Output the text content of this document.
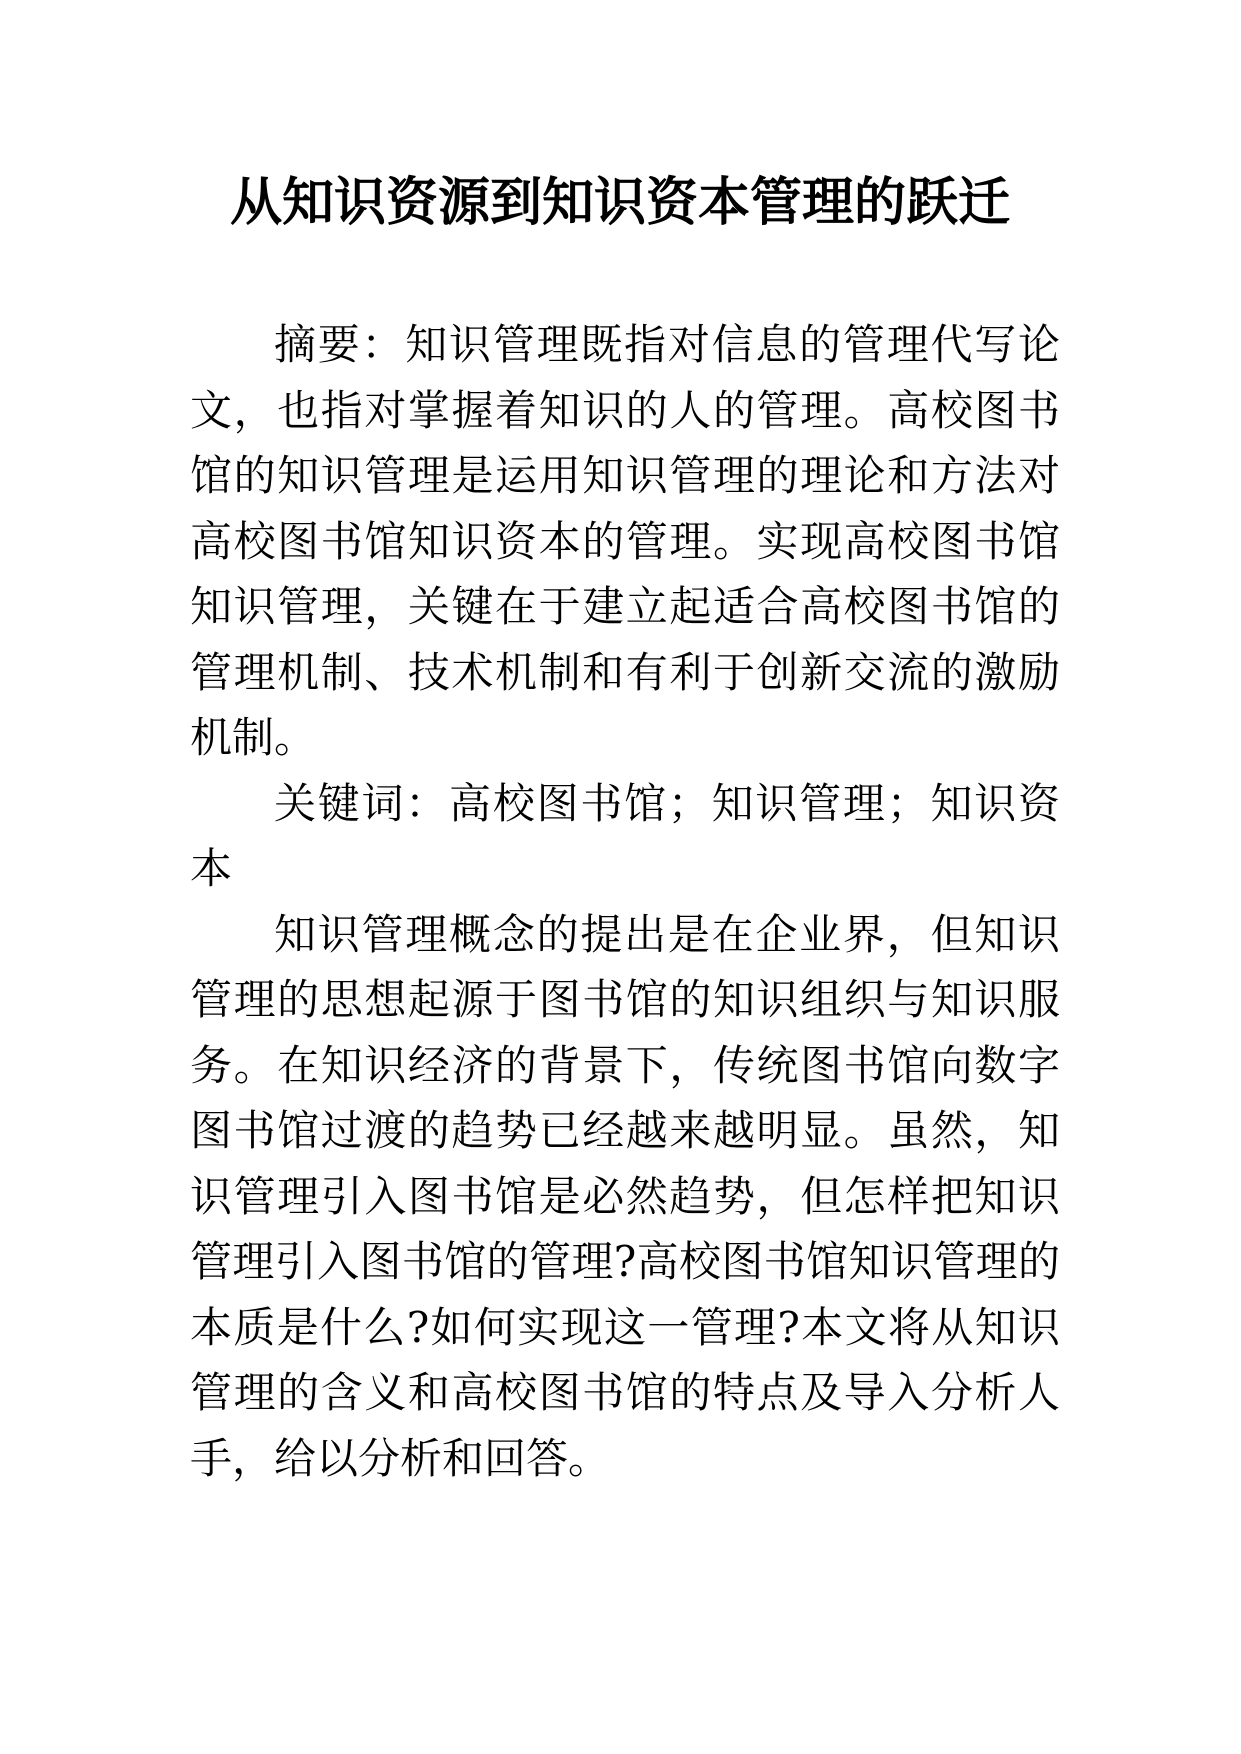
从知识资源到知识资本管理的跃迁

摘要：知识管理既指对信息的管理代写论文，也指对掌握着知识的人的管理。高校图书馆的知识管理是运用知识管理的理论和方法对高校图书馆知识资本的管理。实现高校图书馆知识管理，关键在于建立起适合高校图书馆的管理机制、技术机制和有利于创新交流的激励机制。

关键词：高校图书馆；知识管理；知识资本

知识管理概念的提出是在企业界，但知识管理的思想起源于图书馆的知识组织与知识服务。在知识经济的背景下，传统图书馆向数字图书馆过渡的趋势已经越来越明显。虽然，知识管理引入图书馆是必然趋势，但怎样把知识管理引入图书馆的管理?高校图书馆知识管理的本质是什么?如何实现这一管理?本文将从知识管理的含义和高校图书馆的特点及导入分析人手，给以分析和回答。
